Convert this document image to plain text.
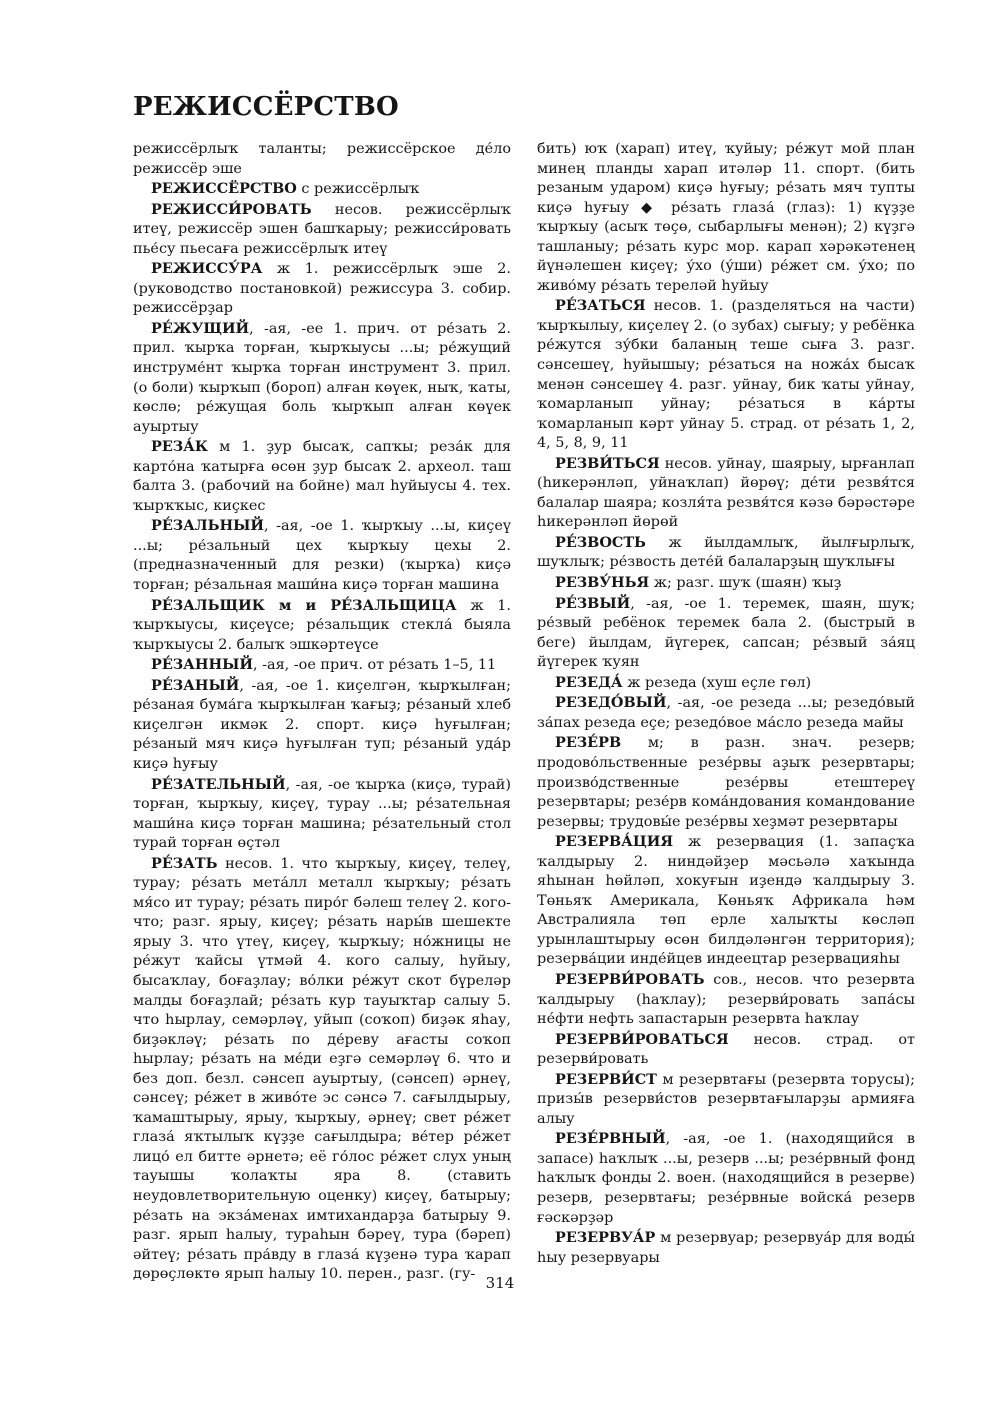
РЕЖИССЁРСТВО

режиссёрлыҡ таланты; режиссёрское де́ло режиссёр эше

РЕЖИССЁРСТВО с режиссёрлыҡ

РЕЖИССИ́РОВАТЬ несов. режиссёрлыҡ итеү, режиссёр эшен башҡарыу; режисси́ровать пье́су пьесаға режиссёрлыҡ итеү

РЕЖИССУ́РА ж 1. режиссёрлыҡ эше 2. (руководство постановкой) режиссура 3. собир. режиссёрҙар

РЕ́ЖУЩИЙ, -ая, -ее 1. прич. от ре́зать 2. прил. ҡырҡа торған, ҡырҡыусы ...ы; ре́жущий инструме́нт ҡырҡа торған инструмент 3. прил. (о боли) ҡырҡып (бороп) алған көүек, ныҡ, ҡаты, көслө; ре́жущая боль ҡырҡып алған көүек ауыртыу

РЕЗА́К м 1. ҙур бысаҡ, сапҡы; реза́к для карто́на ҡатырға өсөн ҙур бысаҡ 2. археол. таш балта 3. (рабочий на бойне) мал һуйыусы 4. тех. ҡырҡҡыс, киҫкес

РЕ́ЗАЛЬНЫЙ, -ая, -ое 1. ҡырҡыу ...ы, киҫеү ...ы; ре́зальный цех ҡырҡыу цехы 2. (предназначенный для резки) (ҡырҡа) киҫә торған; ре́зальная маши́на киҫә торған машина

РЕ́ЗАЛЬЩИК м и РЕ́ЗАЛЬЩИЦА ж 1. ҡырҡыусы, киҫеүсе; ре́зальщик стекла́ быяла ҡырҡыусы 2. балыҡ эшкәртеүсе

РЕ́ЗАННЫЙ, -ая, -ое прич. от ре́зать 1–5, 11

РЕ́ЗАНЫЙ, -ая, -ое 1. киҫелгән, ҡырҡылған; ре́заная бума́га ҡырҡылған ҡағыҙ; ре́заный хлеб киҫелгән икмәк 2. спорт. киҫә һуғылған; ре́заный мяч киҫә һуғылған туп; ре́заный уда́р киҫә һуғыу

РЕ́ЗАТЕЛЬНЫЙ, -ая, -ое ҡырҡа (киҫә, турай) торған, ҡырҡыу, киҫеү, турау ...ы; ре́зательная маши́на киҫә торған машина; ре́зательный стол турай торған өҫтәл

РЕ́ЗАТЬ несов. 1. что ҡырҡыу, киҫеү, телеү, турау; ре́зать мета́лл металл ҡырҡыу; ре́зать мя́со ит турау; ре́зать пиро́г бәлеш телеү 2. кого-что; разг. ярыу, киҫеү; ре́зать нары́в шешекте ярыу 3. что үтеү, киҫеү, ҡырҡыу; но́жницы не ре́жут ҡайсы үтмәй 4. кого салыу, һуйыу, бысаҡлау, боғаҙлау; во́лки ре́жут скот бүреләр малды боғаҙлай; ре́зать кур тауыҡтар салыу 5. что һырлау, семәрләү, уйып (соҡоп) биҙәк яһау, биҙәкләү; ре́зать по де́реву ағасты соҡоп һырлау; ре́зать на ме́ди еҙгә семәрләү 6. что и без доп. безл. сәнсеп ауыртыу, (сәнсеп) әрнеү, сәнсеү; ре́жет в живо́те эс сәнсә 7. сағылдырыу, ҡамаштырыу, ярыу, ҡырҡыу, әрнеү; свет ре́жет глаза́ яҡтылыҡ күҙҙе сағылдыра; ве́тер ре́жет лицо́ ел битте әрнетә; её го́лос ре́жет слух уның тауышы ҡолаҡты яра 8. (ставить неудовлетворительную оценку) киҫеү, батырыу; ре́зать на экза́менах имтихандарҙа батырыу 9. разг. ярып һалыу, тураһын бәреү, тура (бәреп) әйтеү; ре́зать пра́вду в глаза́ күҙенә тура ҡарап дөрөҫлөктө ярып һалыу 10. перен., разг. (гу-

бить) юҡ (харап) итеү, ҡуйыу; ре́жут мой план минең планды харап итәләр 11. спорт. (бить резаным ударом) киҫә һуғыу; ре́зать мяч тупты киҫә һуғыу ◆ ре́зать глаза́ (глаз): 1) күҙҙе ҡырҡыу (асыҡ төҫө, сыбарлығы менән); 2) күҙгә ташланыу; ре́зать курс мор. карап хәрәкәтенең йүнәлешен киҫеү; у́хо (у́ши) ре́жет см. у́хо; по живо́му ре́зать тереләй һуйыу

РЕ́ЗАТЬСЯ несов. 1. (разделяться на части) ҡырҡылыу, киҫелеү 2. (о зубах) сығыу; у ребёнка ре́жутся зу́бки баланың теше сыға 3. разг. сәнсешеү, һуйышыу; ре́заться на ножа́х бысаҡ менән сәнсешеү 4. разг. уйнау, бик ҡаты уйнау, ҡомарланып уйнау; ре́заться в ка́рты ҡомарланып кәрт уйнау 5. страд. от ре́зать 1, 2, 4, 5, 8, 9, 11

РЕЗВИ́ТЬСЯ несов. уйнау, шаярыу, ырғанлап (һикерәнләп, уйнаҡлап) йөрөү; де́ти резвя́тся балалар шаяра; козля́та резвя́тся кәзә бәрәстәре һикерәнләп йөрөй

РЕ́ЗВОСТЬ ж йылдамлыҡ, йылғырлыҡ, шуҡлыҡ; ре́звость дете́й балаларҙың шуҡлығы

РЕЗВУ́НЬЯ ж; разг. шуҡ (шаян) ҡыҙ

РЕ́ЗВЫЙ, -ая, -ое 1. теремек, шаян, шуҡ; ре́звый ребёнок теремек бала 2. (быстрый в беге) йылдам, йүгерек, сапсан; ре́звый за́яц йүгерек ҡуян

РЕЗЕДА́ ж резеда (хуш еҫле гөл)

РЕЗЕДО́ВЫЙ, -ая, -ое резеда ...ы; резедо́вый за́пах резеда еҫе; резедо́вое ма́сло резеда майы

РЕЗЕ́РВ м; в разн. знач. резерв; продово́льственные резе́рвы аҙыҡ резервтары; произво́дственные резе́рвы етештереү резервтары; резе́рв кома́ндования командование резервы; трудовы́е резе́рвы хеҙмәт резервтары

РЕЗЕРВА́ЦИЯ ж резервация (1. запаҫҡа ҡалдырыу 2. ниндәйҙер мәсьәлә хаҡында яһынан һөйләп, хокуғын иҙендә ҡалдырыу 3. Төньяҡ Америкала, Көньяҡ Африкала һәм Австралияла төп ерле халыҡты көсләп урынлаштырыу өсөн билдәләнгән территория); резерва́ции инде́йцев индеецтар резервацияһы

РЕЗЕРВИ́РОВАТЬ сов., несов. что резервта ҡалдырыу (һаҡлау); резерви́ровать запа́сы не́фти нефть запастарын резервта һаҡлау

РЕЗЕРВИ́РОВАТЬСЯ несов. страд. от резерви́ровать

РЕЗЕРВИ́СТ м резервтағы (резервта торусы); призы́в резерви́стов резервтағыларҙы армияға алыу

РЕЗЕ́РВНЫЙ, -ая, -ое 1. (находящийся в запасе) һаҡлыҡ ...ы, резерв ...ы; резе́рвный фонд һаҡлыҡ фонды 2. воен. (находящийся в резерве) резерв, резервтағы; резе́рвные войска́ резерв ғәскәрҙәр

РЕЗЕРВУА́Р м резервуар; резервуа́р для воды́ һыу резервуары

314
